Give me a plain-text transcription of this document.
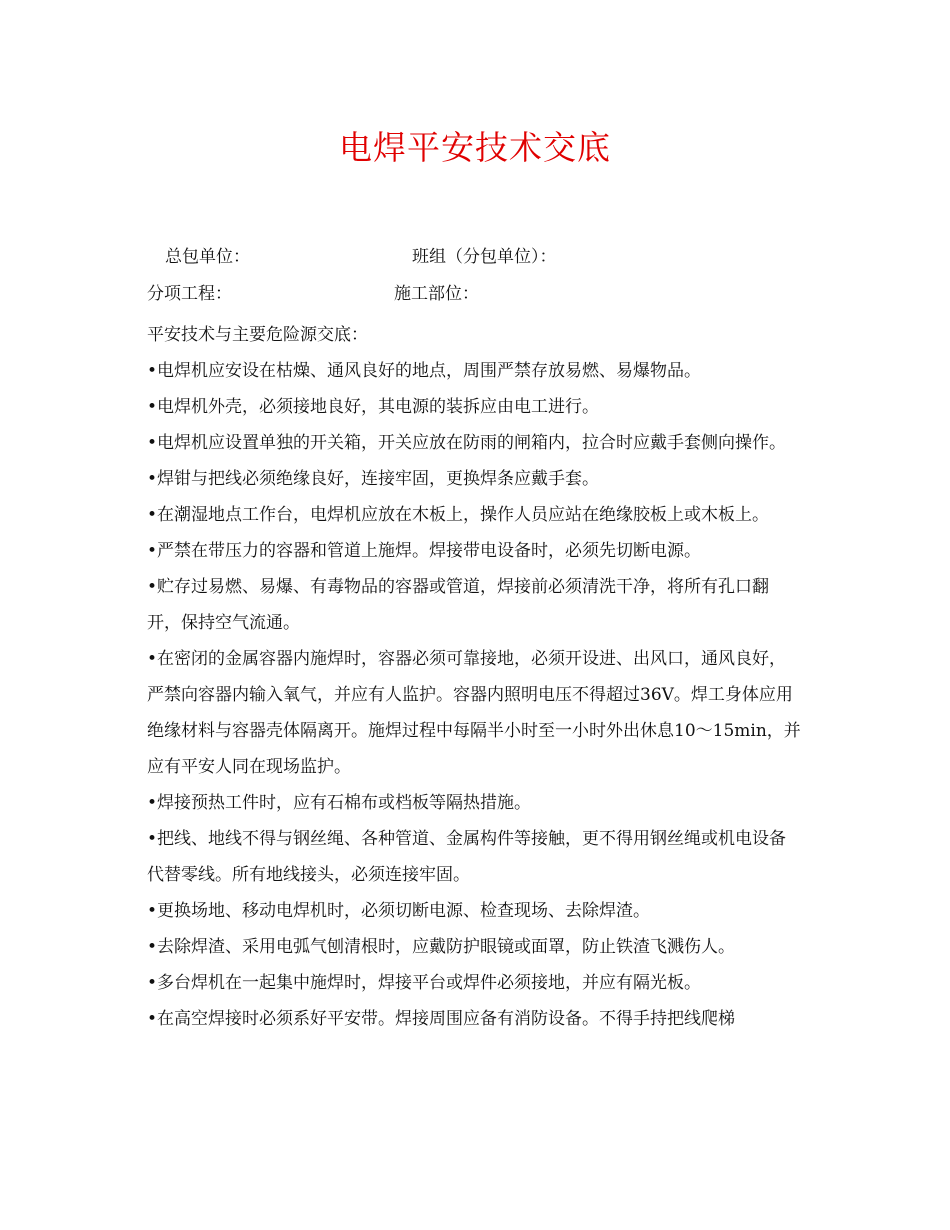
电焊平安技术交底
总包单位：	班组（分包单位）：
分项工程：	施工部位：

平安技术与主要危险源交底：

•电焊机应安设在枯燥、通风良好的地点，周围严禁存放易燃、易爆物品。

•电焊机外壳，必须接地良好，其电源的装拆应由电工进行。

•电焊机应设置单独的开关箱，开关应放在防雨的闸箱内，拉合时应戴手套侧向操作。

•焊钳与把线必须绝缘良好，连接牢固，更换焊条应戴手套。

•在潮湿地点工作台，电焊机应放在木板上，操作人员应站在绝缘胶板上或木板上。

•严禁在带压力的容器和管道上施焊。焊接带电设备时，必须先切断电源。

•贮存过易燃、易爆、有毒物品的容器或管道，焊接前必须清洗干净，将所有孔口翻开，保持空气流通。

•在密闭的金属容器内施焊时，容器必须可靠接地，必须开设进、出风口，通风良好，严禁向容器内输入氧气，并应有人监护。容器内照明电压不得超过36V。焊工身体应用绝缘材料与容器壳体隔离开。施焊过程中每隔半小时至一小时外出休息10～15min，并应有平安人同在现场监护。

•焊接预热工件时，应有石棉布或档板等隔热措施。

•把线、地线不得与钢丝绳、各种管道、金属构件等接触，更不得用钢丝绳或机电设备代替零线。所有地线接头，必须连接牢固。

•更换场地、移动电焊机时，必须切断电源、检查现场、去除焊渣。

•去除焊渣、采用电弧气刨清根时，应戴防护眼镜或面罩，防止铁渣飞溅伤人。

•多台焊机在一起集中施焊时，焊接平台或焊件必须接地，并应有隔光板。

•在高空焊接时必须系好平安带。焊接周围应备有消防设备。不得手持把线爬梯
